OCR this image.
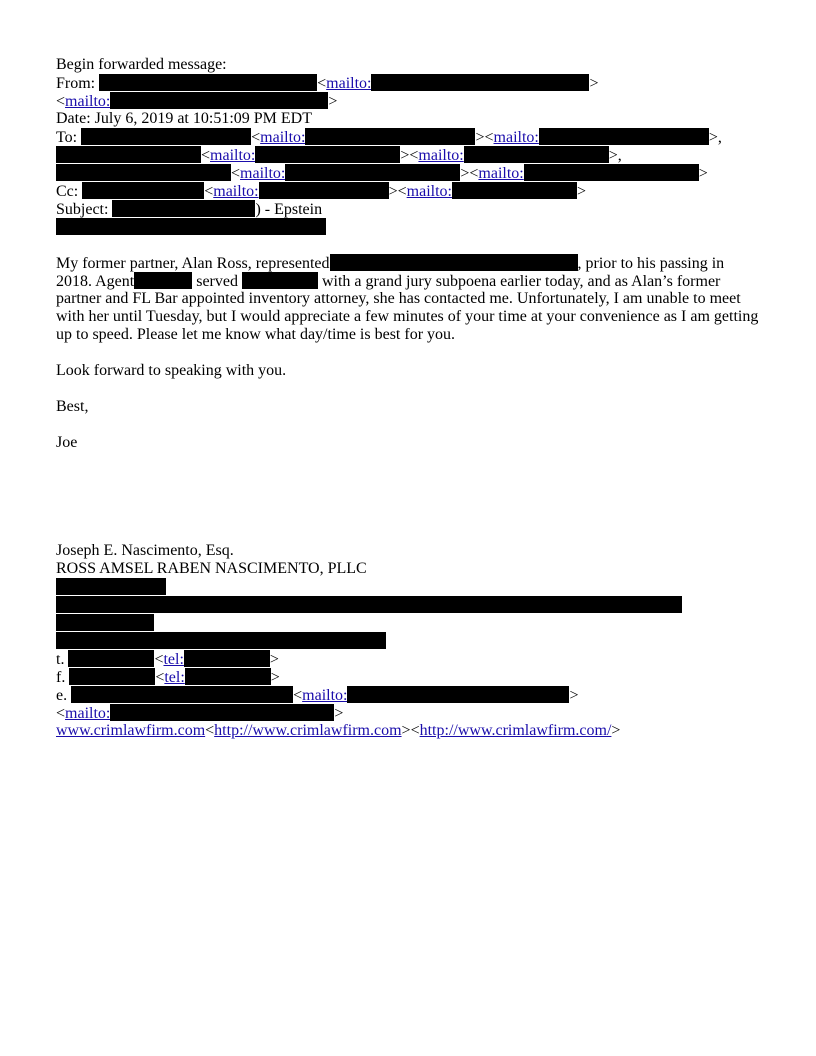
Begin forwarded message:
From:	<mailto:	>
<mailto:	>
Date: July 6, 2019 at 10:51:09 PM EDT
To:	<mailto:	><mailto:	>,
<mailto:	><mailto:	>,
<mailto:	><mailto:	>
Cc:	<mailto:	><mailto:	>
Subject:	) - Epstein
My former partner, Alan Ross, represented	, prior to his passing in
2018. Agent	served	with a grand jury subpoena earlier today, and as Alan’s former
partner and FL Bar appointed inventory attorney, she has contacted me. Unfortunately, I am unable to meet
with her until Tuesday, but I would appreciate a few minutes of your time at your convenience as I am getting
up to speed. Please let me know what day/time is best for you.
Look forward to speaking with you.
Best,
Joe
Joseph E. Nascimento, Esq.
ROSS AMSEL RABEN NASCIMENTO, PLLC
t.	<tel:	>
f.	<tel:	>
e.	<mailto:	>
<mailto:	>
www.crimlawfirm.com<http://www.crimlawfirm.com><http://www.crimlawfirm.com/>
